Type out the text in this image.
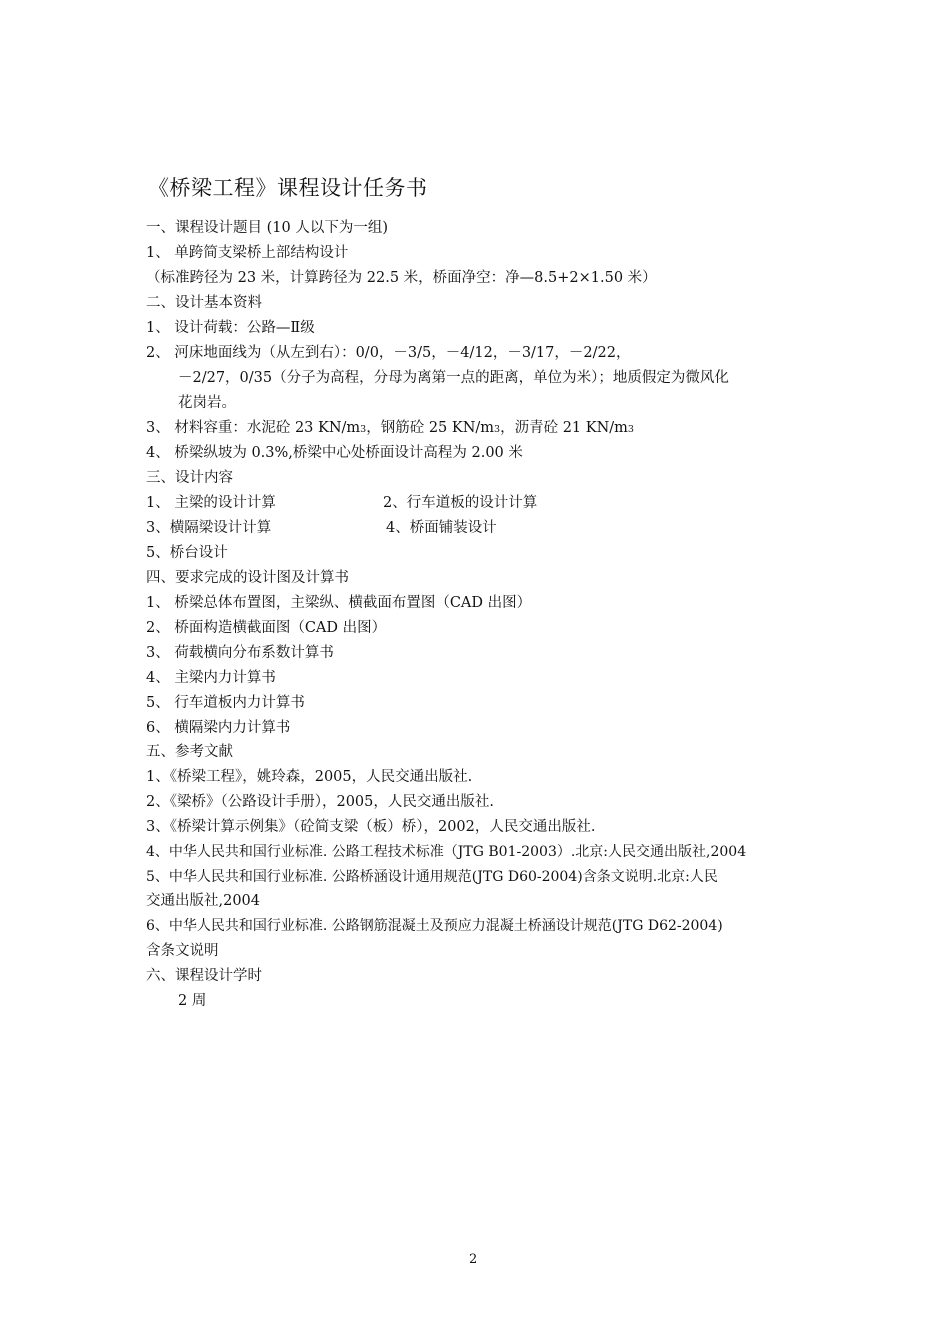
《桥梁工程》课程设计任务书
一、课程设计题目 (10 人以下为一组)
1、 单跨简支梁桥上部结构设计
（标准跨径为 23 米，计算跨径为 22.5 米，桥面净空：净—8.5+2×1.50 米）
二、设计基本资料
1、 设计荷载：公路—Ⅱ级
2、 河床地面线为（从左到右）：0/0，－3/5，－4/12，－3/17，－2/22，
－2/27，0/35（分子为高程，分母为离第一点的距离，单位为米）；地质假定为微风化
花岗岩。
3、 材料容重：水泥砼 23 KN/m3，钢筋砼 25 KN/m3，沥青砼 21 KN/m3
4、 桥梁纵坡为 0.3%,桥梁中心处桥面设计高程为 2.00 米
三、设计内容
1、 主梁的设计计算	2、行车道板的设计计算
3、横隔梁设计计算	4、桥面铺装设计
5、桥台设计
四、要求完成的设计图及计算书
1、 桥梁总体布置图，主梁纵、横截面布置图（CAD 出图）
2、 桥面构造横截面图（CAD 出图）
3、 荷载横向分布系数计算书
4、 主梁内力计算书
5、 行车道板内力计算书
6、 横隔梁内力计算书
五、参考文献
1、《桥梁工程》，姚玲森，2005，人民交通出版社.
2、《梁桥》（公路设计手册），2005，人民交通出版社.
3、《桥梁计算示例集》（砼简支梁（板）桥），2002，人民交通出版社.
4、中华人民共和国行业标准. 公路工程技术标准（JTG B01-2003）.北京:人民交通出版社,2004
5、中华人民共和国行业标准. 公路桥涵设计通用规范(JTG D60-2004)含条文说明.北京:人民
交通出版社,2004
6、中华人民共和国行业标准. 公路钢筋混凝土及预应力混凝土桥涵设计规范(JTG D62-2004)
含条文说明
六、课程设计学时
2 周
2
